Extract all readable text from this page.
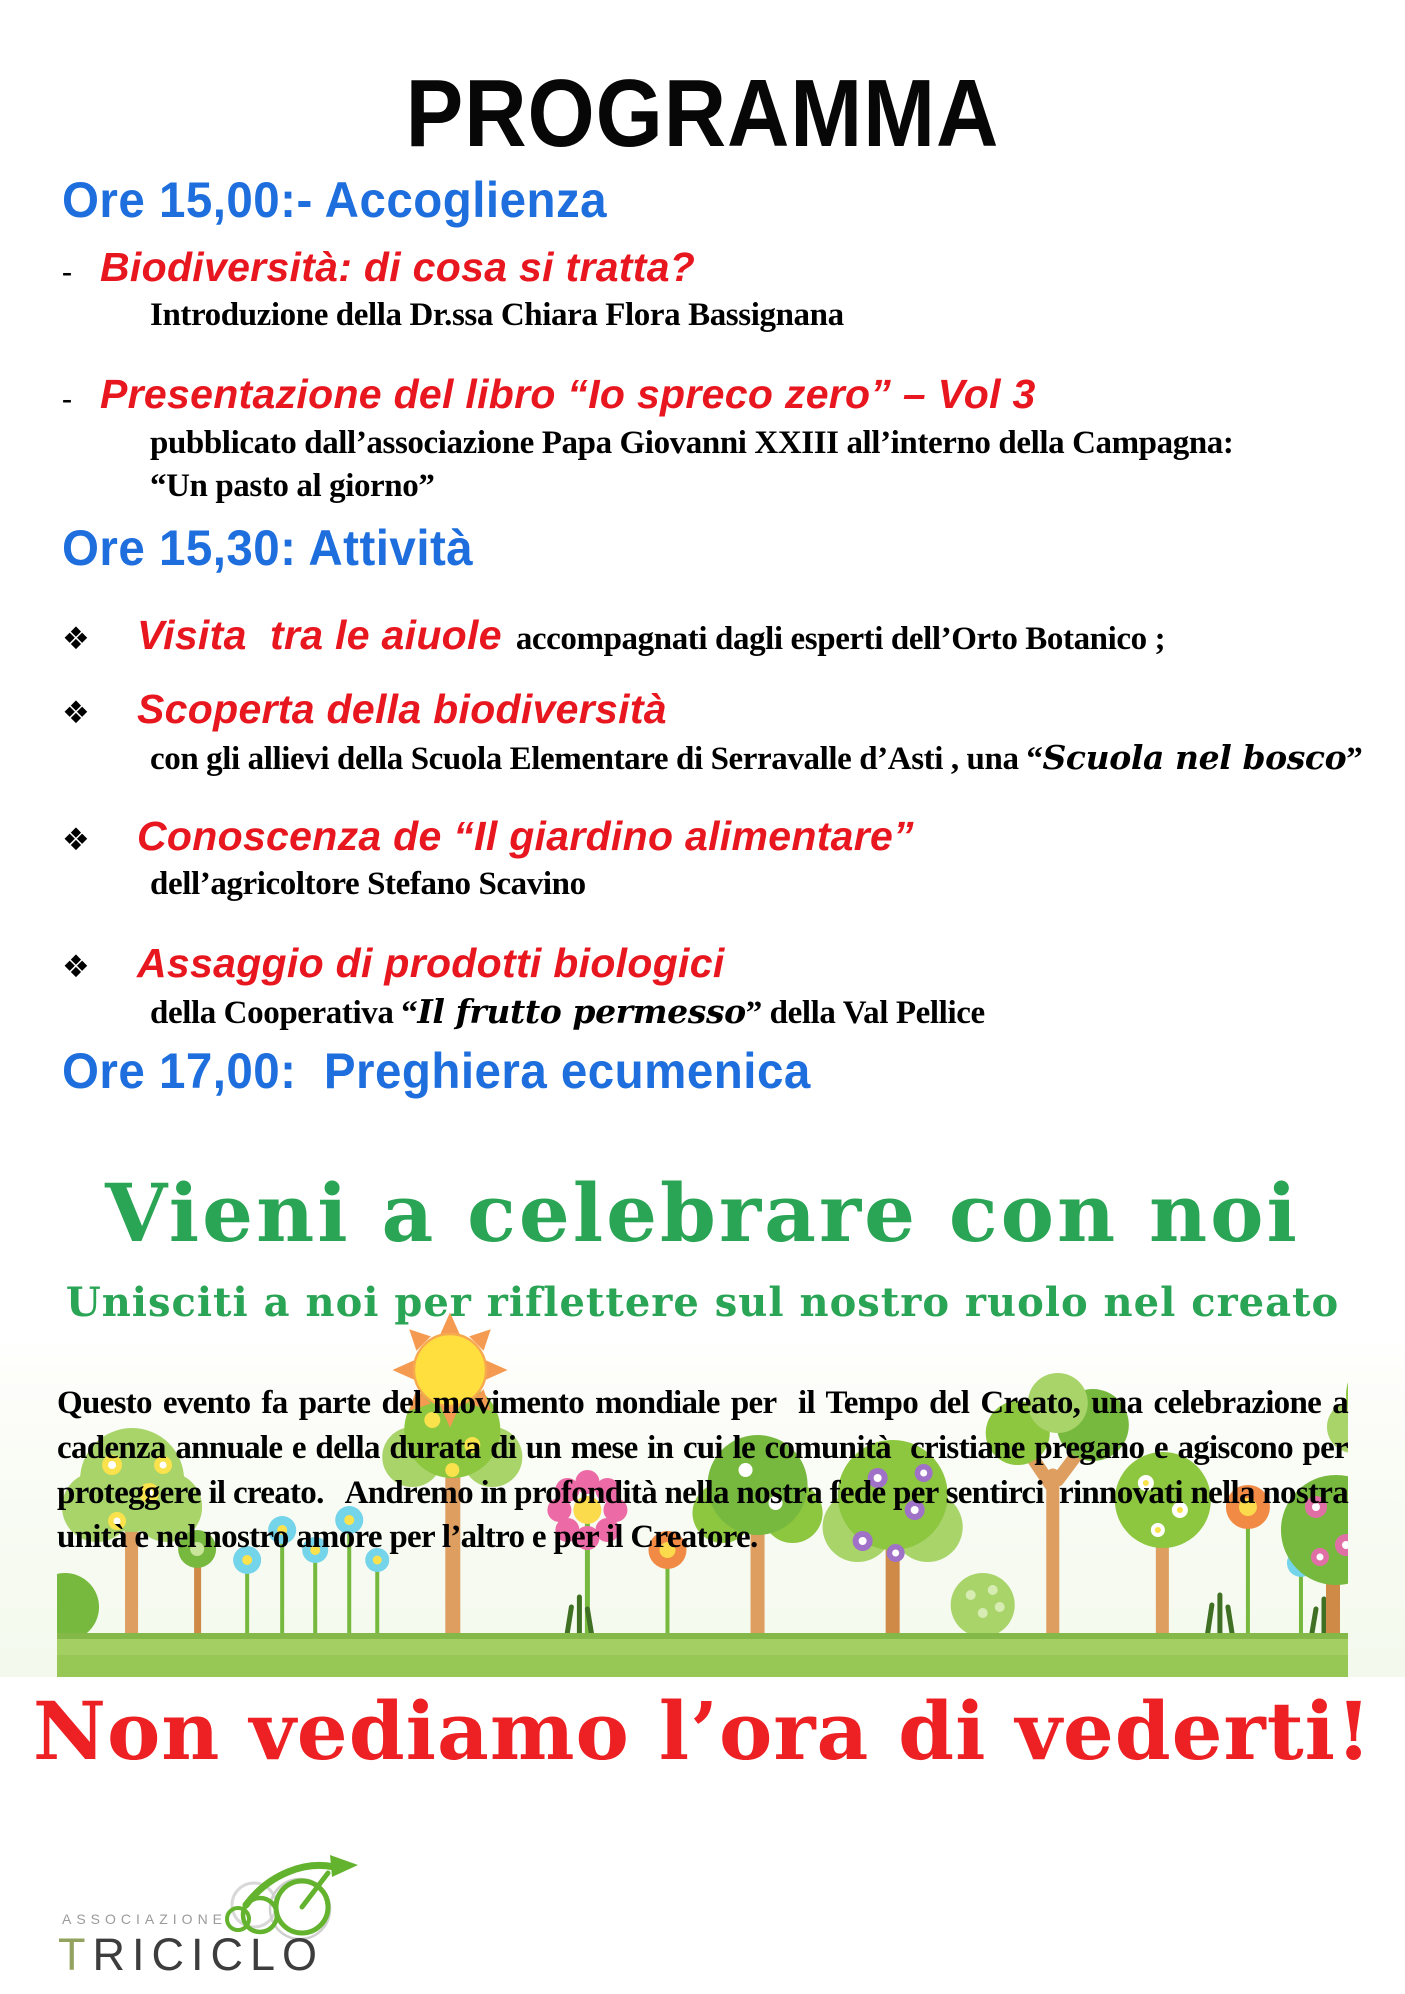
PROGRAMMA
Ore 15,00:- Accoglienza
- Biodiversità: di cosa si tratta?
Introduzione della Dr.ssa Chiara Flora Bassignana
- Presentazione del libro “Io spreco zero” – Vol 3
pubblicato dall’associazione Papa Giovanni XXIII all’interno della Campagna:
“Un pasto al giorno”
Ore 15,30: Attività
❖	Visita  tra le aiuole accompagnati dagli esperti dell’Orto Botanico ;
❖	Scoperta della biodiversità
con gli allievi della Scuola Elementare di Serravalle d’Asti , una “Scuola nel bosco”
❖	Conoscenza de “Il giardino alimentare”
dell’agricoltore Stefano Scavino
❖	Assaggio di prodotti biologici
della Cooperativa “Il frutto permesso” della Val Pellice
Ore 17,00:  Preghiera ecumenica
Vieni a celebrare con noi
Unisciti a noi per riflettere sul nostro ruolo nel creato

Questo evento fa parte del movimento mondiale per  il Tempo del Creato, una celebrazione a cadenza annuale e della durata di un mese in cui le comunità  cristiane pregano e agiscono per proteggere il creato.   Andremo in profondità nella nostra fede per sentirci  rinnovati nella nostra unità e nel nostro amore per l’altro e per il Creatore.

Non vediamo l’ora di vederti!
ASSOCIAZIONE
TRICICLO
